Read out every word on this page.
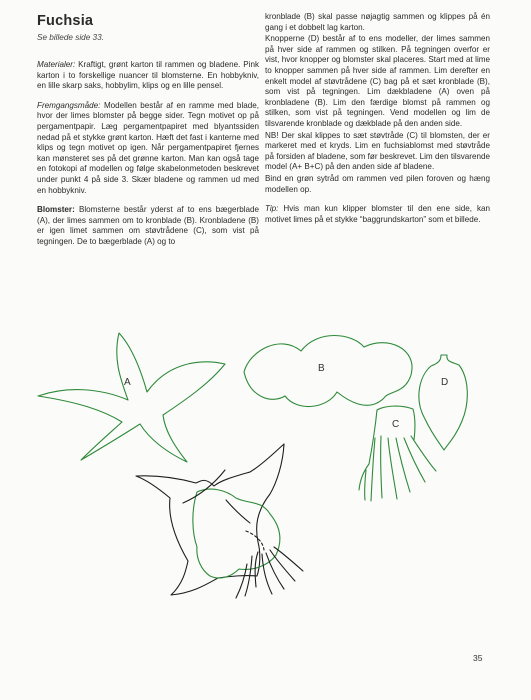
Fuchsia
Se billede side 33.

Materialer: Kraftigt, grønt karton til rammen og bladene. Pink karton i to forskellige nuancer til blomsterne. En hobbykniv, en lille skarp saks, hobbylim, klips og en lille pensel.

Fremgangsmåde: Modellen består af en ramme med blade, hvor der limes blomster på begge sider. Tegn motivet op på pergamentpapir. Læg pergamentpapiret med blyantssiden nedad på et stykke grønt karton. Hæft det fast i kanterne med klips og tegn motivet op igen. Når pergamentpapiret fjernes kan mønsteret ses på det grønne karton. Man kan også tage en fotokopi af modellen og følge skabelonmetoden beskrevet under punkt 4 på side 3. Skær bladene og rammen ud med en hobbykniv.

Blomster: Blomsterne består yderst af to ens bægerblade (A), der limes sammen om to kronblade (B). Kronbladene (B) er igen limet sammen om støvtrådene (C), som vist på tegningen. De to bægerblade (A) og to

kronblade (B) skal passe nøjagtig sammen og klippes på én gang i et dobbelt lag karton.

Knopperne (D) består af to ens modeller, der limes sammen på hver side af rammen og stilken. På tegningen overfor er vist, hvor knopper og blomster skal placeres. Start med at lime to knopper sammen på hver side af rammen. Lim derefter en enkelt model af støvtrådene (C) bag på et sæt kronblade (B), som vist på tegningen. Lim dækbladene (A) oven på kronbladene (B). Lim den færdige blomst på rammen og stilken, som vist på tegningen. Vend modellen og lim de tilsvarende kronblade og dækblade på den anden side.

NB! Der skal klippes to sæt støvtråde (C) til blomsten, der er markeret med et kryds. Lim en fuchsiablomst med støvtråde på forsiden af bladene, som før beskrevet. Lim den tilsvarende model (A+ B+C) på den anden side af bladene.

Bind en grøn sytråd om rammen ved pilen foroven og hæng modellen op.

Tip: Hvis man kun klipper blomster til den ene side, kan motivet limes på et stykke “baggrundskarton” som et billede.

A
B
C
D
35
